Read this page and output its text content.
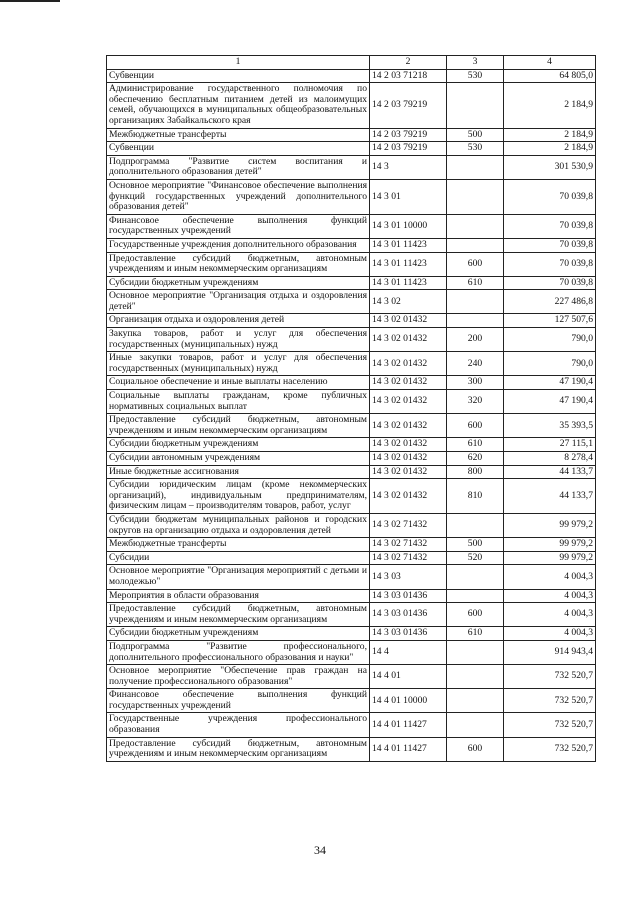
1	2	3	4
Субвенции	14 2 03 71218	530	64 805,0
Администрирование государственного полномочия по обеспечению бесплатным питанием детей из малоимущих семей, обучающихся в муниципальных общеобразовательных организациях Забайкальского края	14 2 03 79219		2 184,9
Межбюджетные трансферты	14 2 03 79219	500	2 184,9
Субвенции	14 2 03 79219	530	2 184,9
Подпрограмма "Развитие систем воспитания и дополнительного образования детей"	14 3		301 530,9
Основное мероприятие "Финансовое обеспечение выполнения функций государственных учреждений дополнительного образования детей"	14 3 01		70 039,8
Финансовое обеспечение выполнения функций государственных учреждений	14 3 01 10000		70 039,8
Государственные учреждения дополнительного образования	14 3 01 11423		70 039,8
Предоставление субсидий бюджетным, автономным учреждениям и иным некоммерческим организациям	14 3 01 11423	600	70 039,8
Субсидии бюджетным учреждениям	14 3 01 11423	610	70 039,8
Основное мероприятие "Организация отдыха и оздоровления детей"	14 3 02		227 486,8
Организация отдыха и оздоровления детей	14 3 02 01432		127 507,6
Закупка товаров, работ и услуг для обеспечения государственных (муниципальных) нужд	14 3 02 01432	200	790,0
Иные закупки товаров, работ и услуг для обеспечения государственных (муниципальных) нужд	14 3 02 01432	240	790,0
Социальное обеспечение и иные выплаты населению	14 3 02 01432	300	47 190,4
Социальные выплаты гражданам, кроме публичных нормативных социальных выплат	14 3 02 01432	320	47 190,4
Предоставление субсидий бюджетным, автономным учреждениям и иным некоммерческим организациям	14 3 02 01432	600	35 393,5
Субсидии бюджетным учреждениям	14 3 02 01432	610	27 115,1
Субсидии автономным учреждениям	14 3 02 01432	620	8 278,4
Иные бюджетные ассигнования	14 3 02 01432	800	44 133,7
Субсидии юридическим лицам (кроме некоммерческих организаций), индивидуальным предпринимателям, физическим лицам – производителям товаров, работ, услуг	14 3 02 01432	810	44 133,7
Субсидии бюджетам муниципальных районов и городских округов на организацию отдыха и оздоровления детей	14 3 02 71432		99 979,2
Межбюджетные трансферты	14 3 02 71432	500	99 979,2
Субсидии	14 3 02 71432	520	99 979,2
Основное мероприятие "Организация мероприятий с детьми и молодежью"	14 3 03		4 004,3
Мероприятия в области образования	14 3 03 01436		4 004,3
Предоставление субсидий бюджетным, автономным учреждениям и иным некоммерческим организациям	14 3 03 01436	600	4 004,3
Субсидии бюджетным учреждениям	14 3 03 01436	610	4 004,3
Подпрограмма "Развитие профессионального, дополнительного профессионального образования и науки"	14 4		914 943,4
Основное мероприятие "Обеспечение прав граждан на получение профессионального образования"	14 4 01		732 520,7
Финансовое обеспечение выполнения функций государственных учреждений	14 4 01 10000		732 520,7
Государственные учреждения профессионального образования	14 4 01 11427		732 520,7
Предоставление субсидий бюджетным, автономным учреждениям и иным некоммерческим организациям	14 4 01 11427	600	732 520,7
34
